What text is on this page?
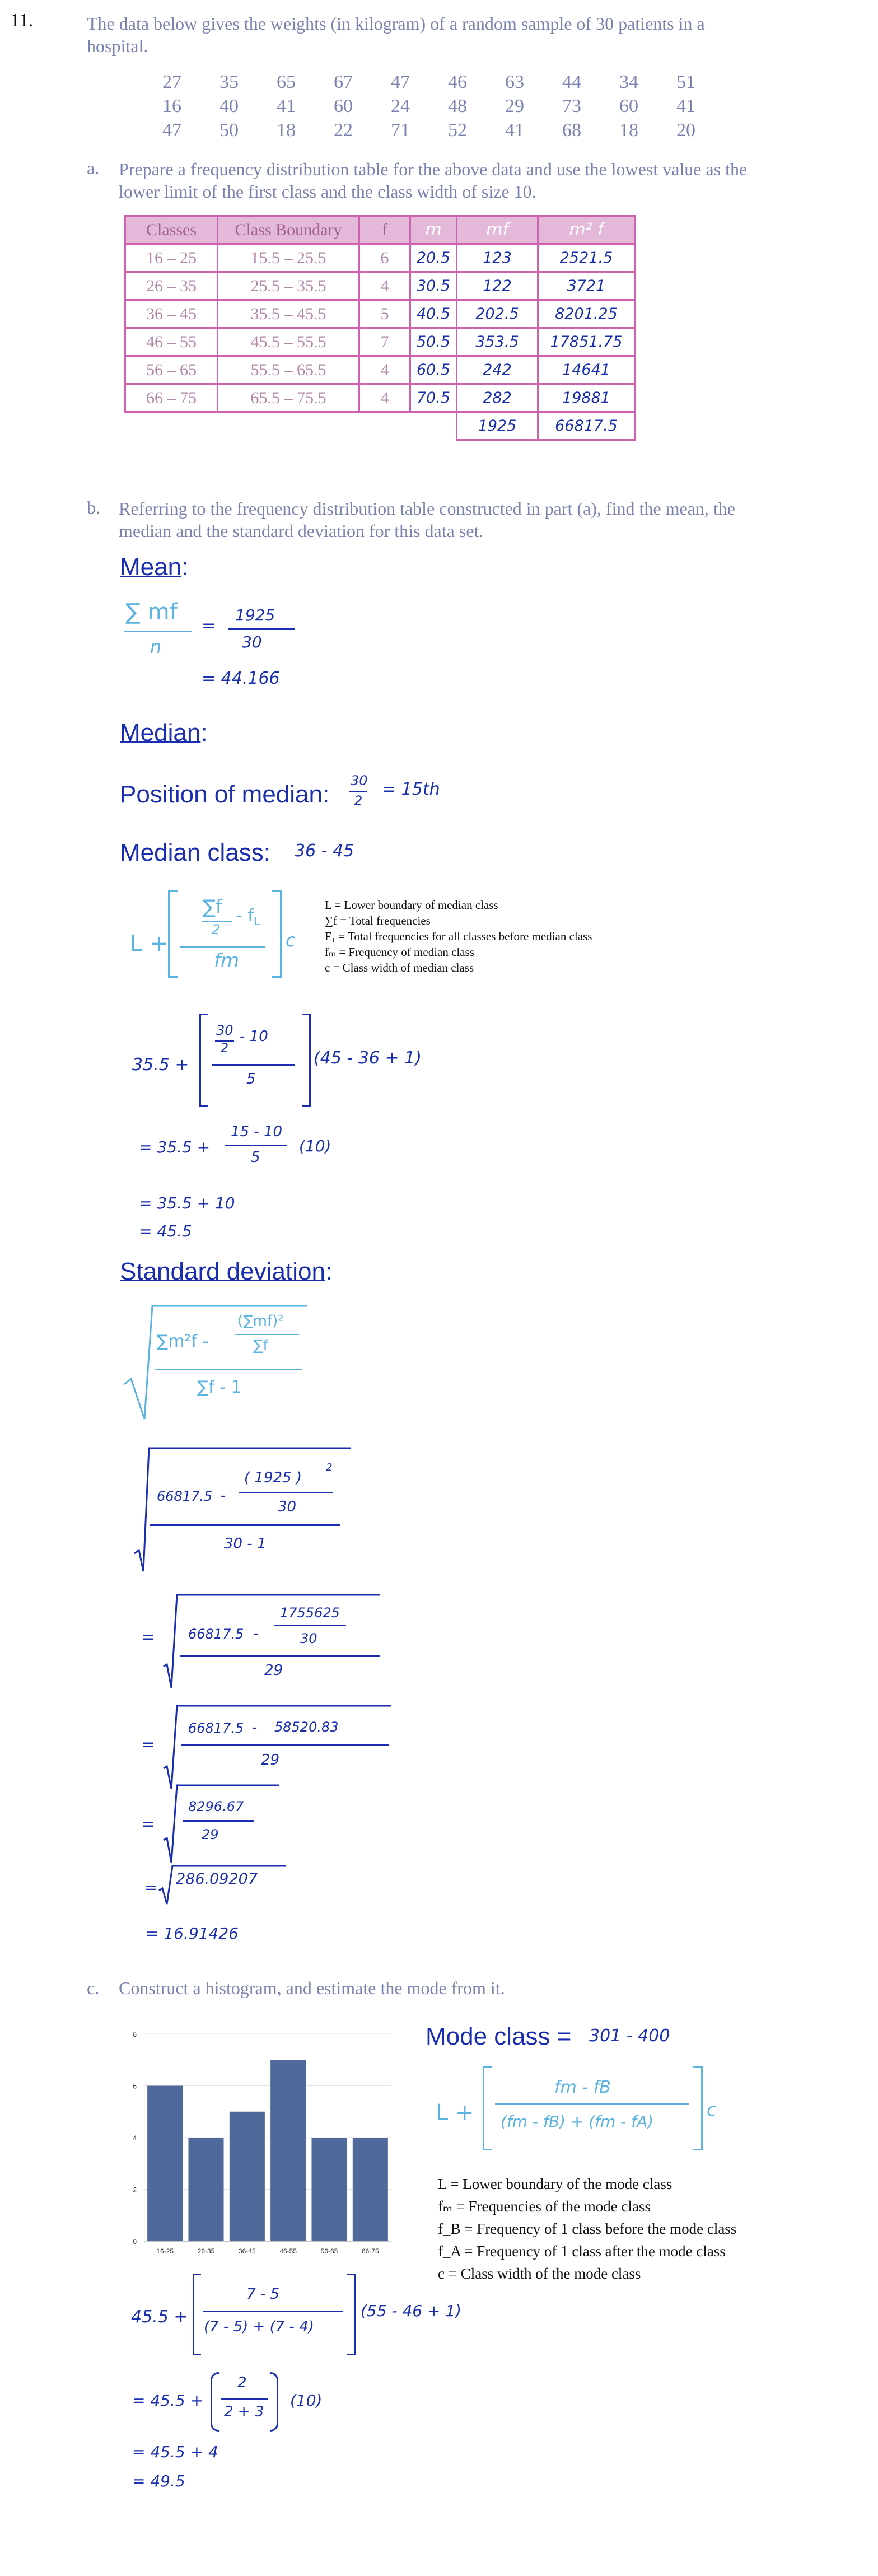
11.	The data below gives the weights (in kilogram) of a random sample of 30 patients in a
hospital.
27 35 65 67 47 46 63 44 34 51
16 40 41 60 24 48 29 73 60 41
47 50 18 22 71 52 41 68 18 20
a. Prepare a frequency distribution table for the above data and use the lowest value as the
lower limit of the first class and the class width of size 10.
Classes	Class Boundary	f	m	mf	m² f
16 – 25	15.5 – 25.5	6	20.5	123	2521.5
26 – 35	25.5 – 35.5	4	30.5	122	3721
36 – 45	35.5 – 45.5	5	40.5	202.5	8201.25
46 – 55	45.5 – 55.5	7	50.5	353.5	17851.75
56 – 65	55.5 – 65.5	4	60.5	242	14641
66 – 75	65.5 – 75.5	4	70.5	282	19881
				1925	66817.5
b. Referring to the frequency distribution table constructed in part (a), find the mean, the
median and the standard deviation for this data set.
Mean:
∑ mf
n
=
1925
30
= 44.166
Median:
Position of median: 30
2
= 15th
Median class: 36 - 45
L +
∑f
2
- $f_L$
fm
c
L = Lower boundary of median class
∑f = Total frequencies
F₁ = Total frequencies for all classes before median class
fₘ = Frequency of median class
c = Class width of median class
35.5 +
30
2
- 10
5
(45 - 36 + 1)
= 35.5 +
15 - 10
5
(10)
= 35.5 + 10
= 45.5
Standard deviation:
∑m²f -
(∑mf)²
∑f
∑f - 1
66817.5 -
( 1925 )
2
30
30 - 1
= 66817.5 -
1755625
30
29
=
66817.5 - 58520.83
29
=
8296.67
29
= 286.09207
= 16.91426
c. Construct a histogram, and estimate the mode from it.
0
2
4
6
8
16-25	26-35	36-45	46-55	56-65	66-75
Mode class = 301 - 400
L +
fm - fB
(fm - fB) + (fm - fA)
c
L = Lower boundary of the mode class
fₘ = Frequencies of the mode class
f_B = Frequency of 1 class before the mode class
f_A = Frequency of 1 class after the mode class
c = Class width of the mode class
45.5 +
7 - 5
(7 - 5) + (7 - 4)
(55 - 46 + 1)
= 45.5 +
2
2 + 3
(10)
= 45.5 + 4
= 49.5
